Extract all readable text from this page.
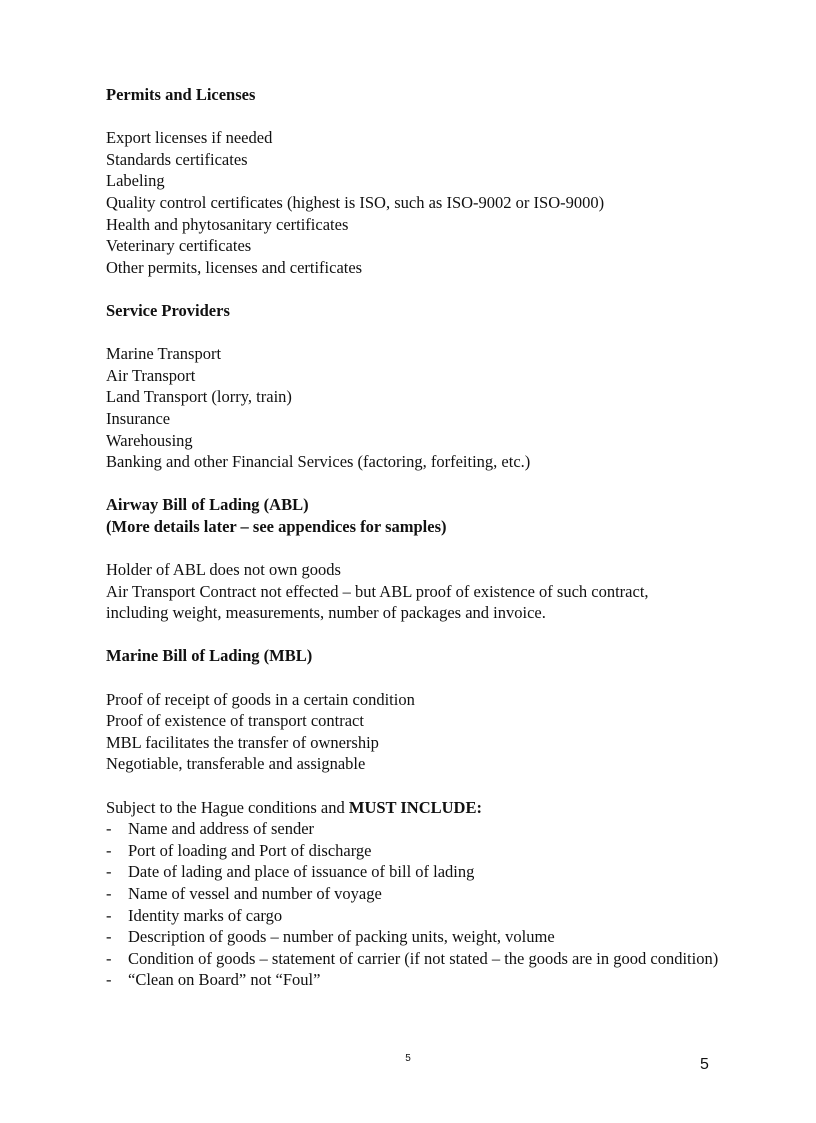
Permits and Licenses
Export licenses if needed
Standards certificates
Labeling
Quality control certificates (highest is ISO, such as ISO-9002 or ISO-9000)
Health and phytosanitary certificates
Veterinary certificates
Other permits, licenses and certificates
Service Providers
Marine Transport
Air Transport
Land Transport (lorry, train)
Insurance
Warehousing
Banking and other Financial Services (factoring, forfeiting, etc.)
Airway Bill of Lading (ABL)
(More details later – see appendices for samples)
Holder of ABL does not own goods
Air Transport Contract not effected – but ABL proof of existence of such contract,
including weight, measurements, number of packages and invoice.
Marine Bill of Lading (MBL)
Proof of receipt of goods in a certain condition
Proof of existence of transport contract
MBL facilitates the transfer of ownership
Negotiable, transferable and assignable
Subject to the Hague conditions and MUST INCLUDE:
-	Name and address of sender
-	Port of loading and Port of discharge
-	Date of lading and place of issuance of bill of lading
-	Name of vessel and number of voyage
-	Identity marks of cargo
-	Description of goods – number of packing units, weight, volume
-	Condition of goods – statement of carrier (if not stated – the goods are in good condition)
-	“Clean on Board” not “Foul”
5	5
